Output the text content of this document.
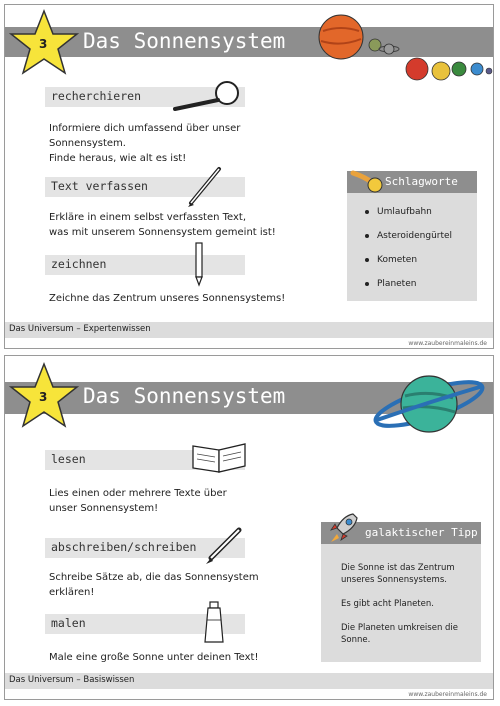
Das Sonnensystem
3
recherchieren
Informiere dich umfassend über unser
Sonnensystem.
Finde heraus, wie alt es ist!
Text verfassen
Erkläre in einem selbst verfassten Text,
was mit unserem Sonnensystem gemeint ist!
zeichnen
Zeichne das Zentrum unseres Sonnensystems!
Schlagworte
Umlaufbahn
Asteroidengürtel
Kometen
Planeten
Das Universum – Expertenwissen
www.zaubereinmaleins.de
Das Sonnensystem
3
lesen
Lies einen oder mehrere Texte über
unser Sonnensystem!
abschreiben/schreiben
Schreibe Sätze ab, die das Sonnensystem
erklären!
malen
Male eine große Sonne unter deinen Text!
galaktischer Tipp
Die Sonne ist das Zentrum unseres Sonnensystems.
Es gibt acht Planeten.
Die Planeten umkreisen die Sonne.
Das Universum – Basiswissen
www.zaubereinmaleins.de
